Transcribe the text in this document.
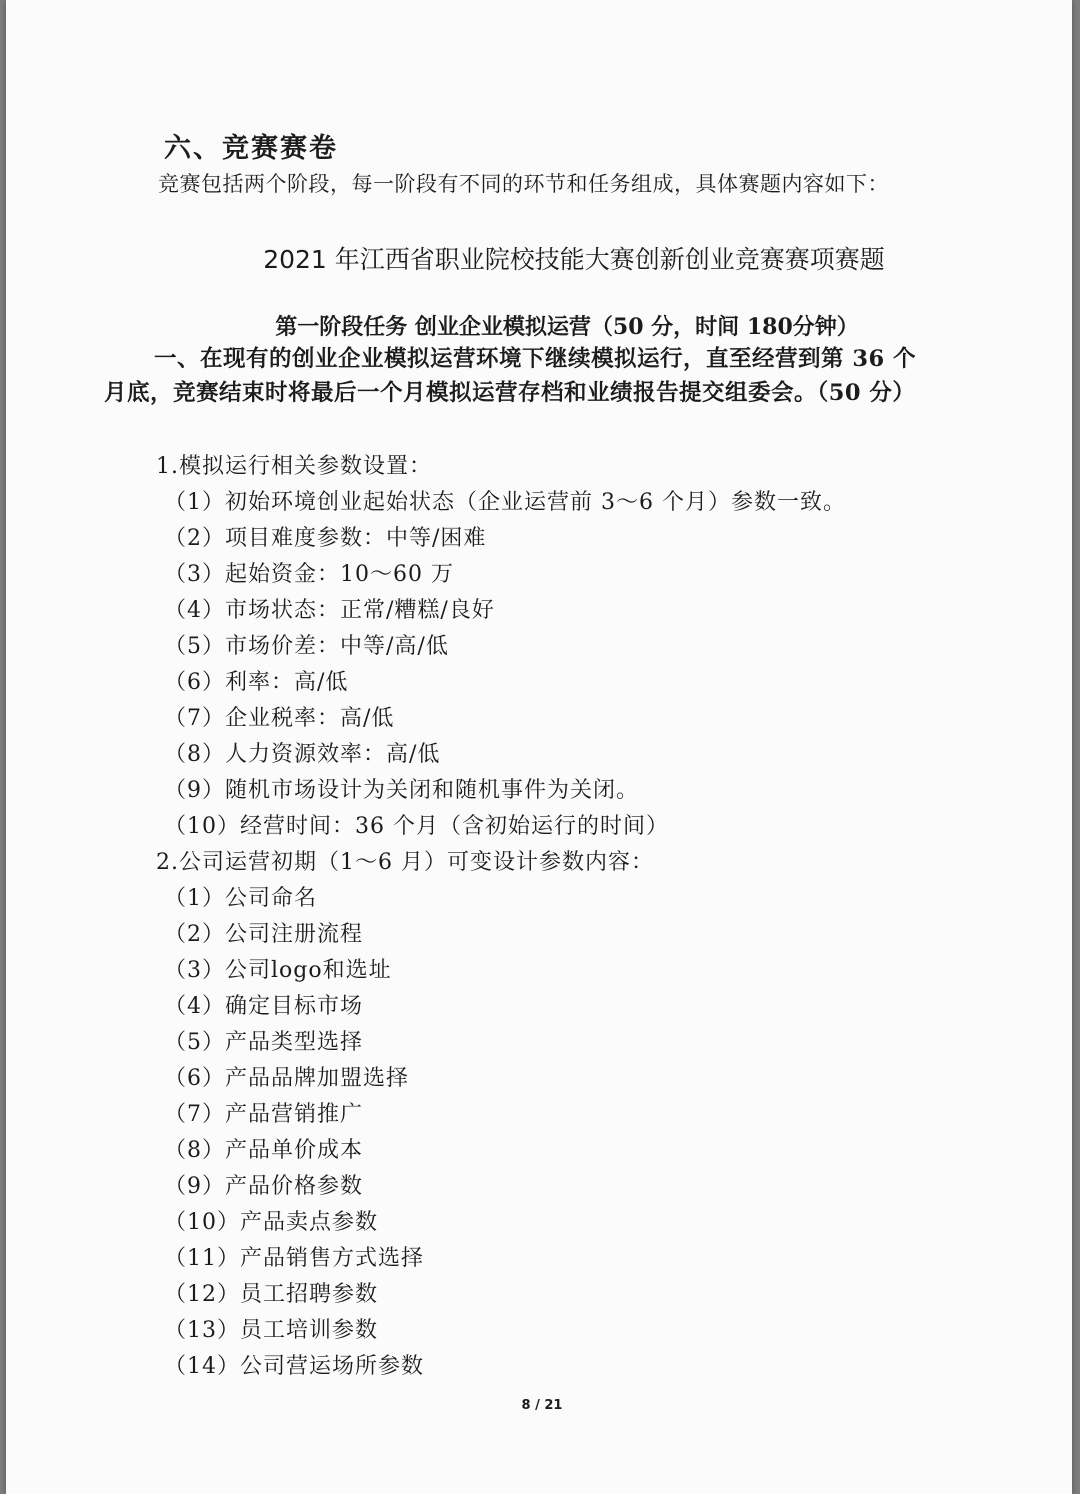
六、竞赛赛卷
竞赛包括两个阶段，每一阶段有不同的环节和任务组成，具体赛题内容如下：
2021 年江西省职业院校技能大赛创新创业竞赛赛项赛题
第一阶段任务 创业企业模拟运营（50 分，时间 180分钟）
一、在现有的创业企业模拟运营环境下继续模拟运行，直至经营到第 36 个月底，竞赛结束时将最后一个月模拟运营存档和业绩报告提交组委会。（50 分）
1.模拟运行相关参数设置：
（1）初始环境创业起始状态（企业运营前 3～6 个月）参数一致。
（2）项目难度参数：中等/困难
（3）起始资金：10～60 万
（4）市场状态：正常/糟糕/良好
（5）市场价差：中等/高/低
（6）利率：高/低
（7）企业税率：高/低
（8）人力资源效率：高/低
（9）随机市场设计为关闭和随机事件为关闭。
（10）经营时间：36 个月（含初始运行的时间）
2.公司运营初期（1～6 月）可变设计参数内容：
（1）公司命名
（2）公司注册流程
（3）公司logo和选址
（4）确定目标市场
（5）产品类型选择
（6）产品品牌加盟选择
（7）产品营销推广
（8）产品单价成本
（9）产品价格参数
（10）产品卖点参数
（11）产品销售方式选择
（12）员工招聘参数
（13）员工培训参数
（14）公司营运场所参数
8 / 21
